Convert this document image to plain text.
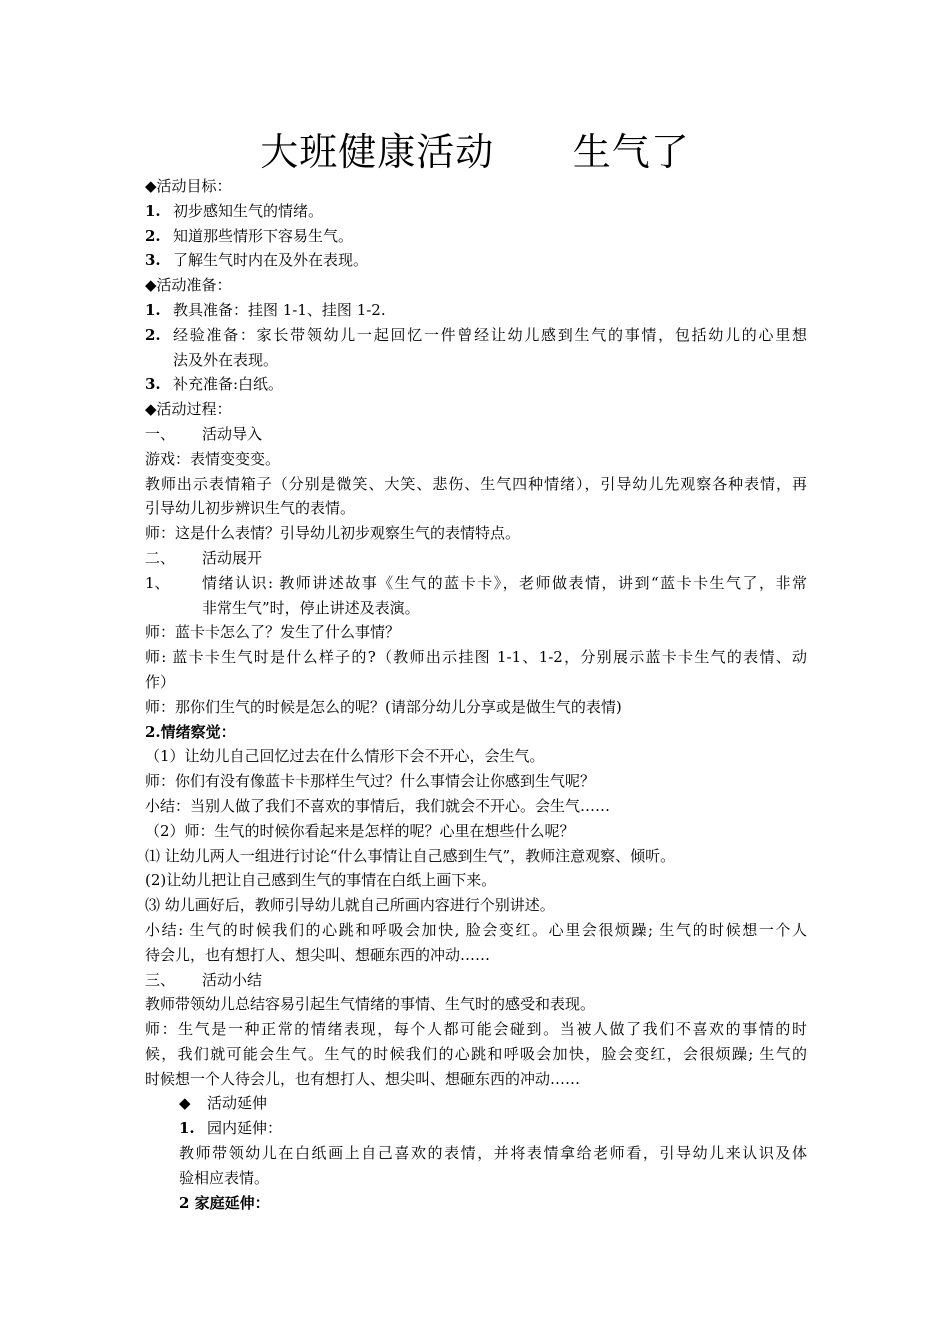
大班健康活动      生气了
◆活动目标：
1. 初步感知生气的情绪。
2. 知道那些情形下容易生气。
3. 了解生气时内在及外在表现。
◆活动准备：
1. 教具准备：挂图 1-1、挂图 1-2.
2. 经验准备：家长带领幼儿一起回忆一件曾经让幼儿感到生气的事情，包括幼儿的心里想
法及外在表现。
3. 补充准备:白纸。
◆活动过程：
一、	活动导入
游戏：表情变变变。
教师出示表情箱子（分别是微笑、大笑、悲伤、生气四种情绪），引导幼儿先观察各种表情，再
引导幼儿初步辨识生气的表情。
师：这是什么表情？引导幼儿初步观察生气的表情特点。
二、	活动展开
1、	情绪认识: 教师讲述故事《生气的蓝卡卡》，老师做表情，讲到“蓝卡卡生气了，非常
非常生气”时，停止讲述及表演。
师：蓝卡卡怎么了？发生了什么事情？
师: 蓝卡卡生气时是什么样子的?（教师出示挂图 1-1、1-2，分别展示蓝卡卡生气的表情、动
作）
师：那你们生气的时候是怎么的呢？(请部分幼儿分享或是做生气的表情)
2.情绪察觉：
（1）让幼儿自己回忆过去在什么情形下会不开心，会生气。
师：你们有没有像蓝卡卡那样生气过？什么事情会让你感到生气呢？
小结：当别人做了我们不喜欢的事情后，我们就会不开心。会生气……
（2）师：生气的时候你看起来是怎样的呢？心里在想些什么呢？
⑴ 让幼儿两人一组进行讨论“什么事情让自己感到生气”，教师注意观察、倾听。
(2)让幼儿把让自己感到生气的事情在白纸上画下来。
⑶ 幼儿画好后，教师引导幼儿就自己所画内容进行个别讲述。
小结: 生气的时候我们的心跳和呼吸会加快, 脸会变红。心里会很烦躁; 生气的时候想一个人
待会儿，也有想打人、想尖叫、想砸东西的冲动……
三、	活动小结
教师带领幼儿总结容易引起生气情绪的事情、生气时的感受和表现。
师：生气是一种正常的情绪表现，每个人都可能会碰到。当被人做了我们不喜欢的事情的时
候，我们就可能会生气。生气的时候我们的心跳和呼吸会加快，脸会变红，会很烦躁; 生气的
时候想一个人待会儿，也有想打人、想尖叫、想砸东西的冲动……
◆	活动延伸
1. 园内延伸：
教师带领幼儿在白纸画上自己喜欢的表情，并将表情拿给老师看，引导幼儿来认识及体
验相应表情。
2 家庭延伸：
